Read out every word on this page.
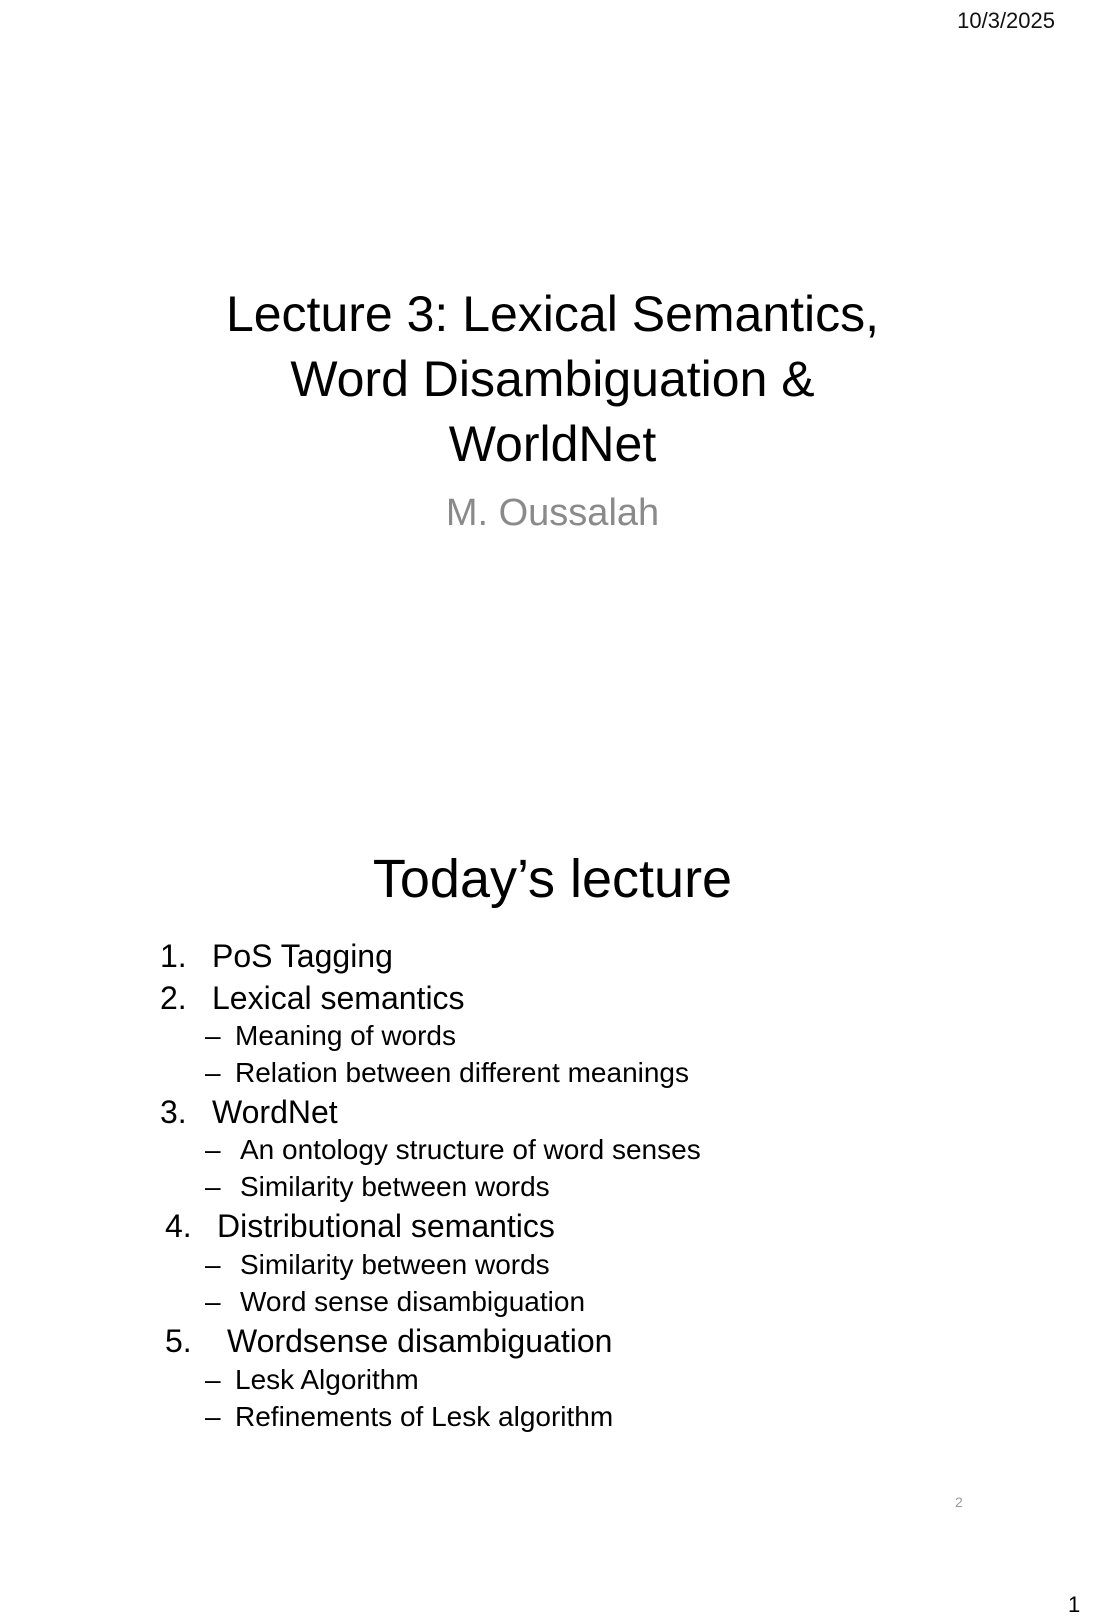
10/3/2025
Lecture 3: Lexical Semantics,
Word Disambiguation &
WorldNet
M. Oussalah
Today’s lecture
1. PoS Tagging
2. Lexical semantics
– Meaning of words
– Relation between different meanings
3. WordNet
– An ontology structure of word senses
– Similarity between words
4. Distributional semantics
– Similarity between words
– Word sense disambiguation
5. Wordsense disambiguation
– Lesk Algorithm
– Refinements of Lesk algorithm
2
1
